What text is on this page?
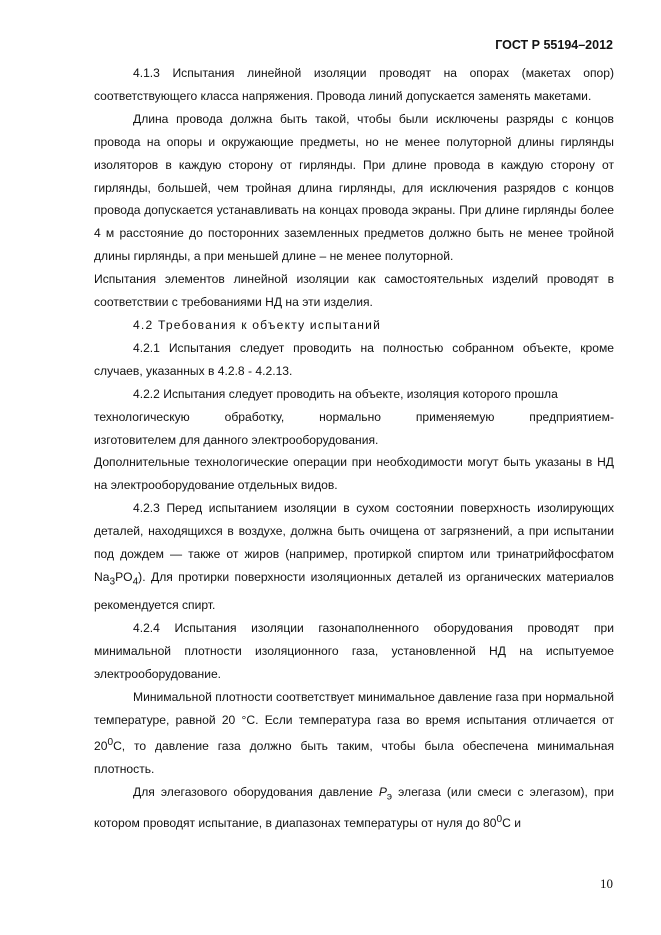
ГОСТ Р 55194–2012

4.1.3 Испытания линейной изоляции проводят на опорах (макетах опор) соответствующего класса напряжения. Провода линий допускается заменять макетами.

Длина провода должна быть такой, чтобы были исключены разряды с концов провода на опоры и окружающие предметы, но не менее полуторной длины гирлянды изоляторов в каждую сторону от гирлянды. При длине провода в каждую сторону от гирлянды, большей, чем тройная длина гирлянды, для исключения разрядов с концов провода допускается устанавливать на концах провода экраны. При длине гирлянды более 4 м расстояние до посторонних заземленных предметов должно быть не менее тройной длины гирлянды, а при меньшей длине – не менее полуторной.

Испытания элементов линейной изоляции как самостоятельных изделий проводят в соответствии с требованиями НД на эти изделия.

4.2 Требования к объекту испытаний

4.2.1 Испытания следует проводить на полностью собранном объекте, кроме случаев, указанных в 4.2.8 - 4.2.13.

4.2.2 Испытания следует проводить на объекте, изоляция которого прошла

технологическую	обработку,	нормально	применяемую	предприятием-

изготовителем для данного электрооборудования.

Дополнительные технологические операции при необходимости могут быть указаны в НД на электрооборудование отдельных видов.

4.2.3 Перед испытанием изоляции в сухом состоянии поверхность изолирующих деталей, находящихся в воздухе, должна быть очищена от загрязнений, а при испытании под дождем — также от жиров (например, протиркой спиртом или тринатрийфосфатом $Na_3PO_4$). Для протирки поверхности изоляционных деталей из органических материалов рекомендуется спирт.

4.2.4 Испытания изоляции газонаполненного оборудования проводят при минимальной плотности изоляционного газа, установленной НД на испытуемое электрооборудование.

Минимальной плотности соответствует минимальное давление газа при нормальной температуре, равной 20 °С. Если температура газа во время испытания отличается от $20^0С$, то давление газа должно быть таким, чтобы была обеспечена минимальная плотность.

Для элегазового оборудования давление $P_э$ элегаза (или смеси с элегазом), при котором проводят испытание, в диапазонах температуры от нуля до $80^0С$ и

10
